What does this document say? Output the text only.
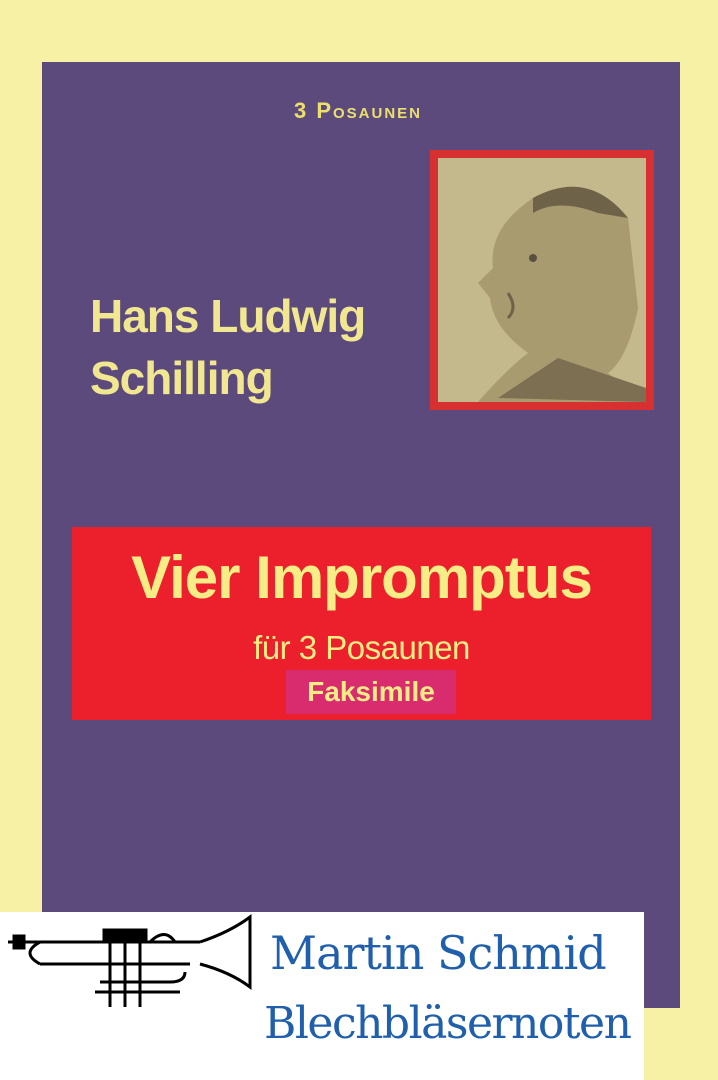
3 Posaunen
Hans Ludwig
Schilling
Vier Impromptus
für 3 Posaunen
Faksimile
Martin Schmid
Blechbläsernoten
